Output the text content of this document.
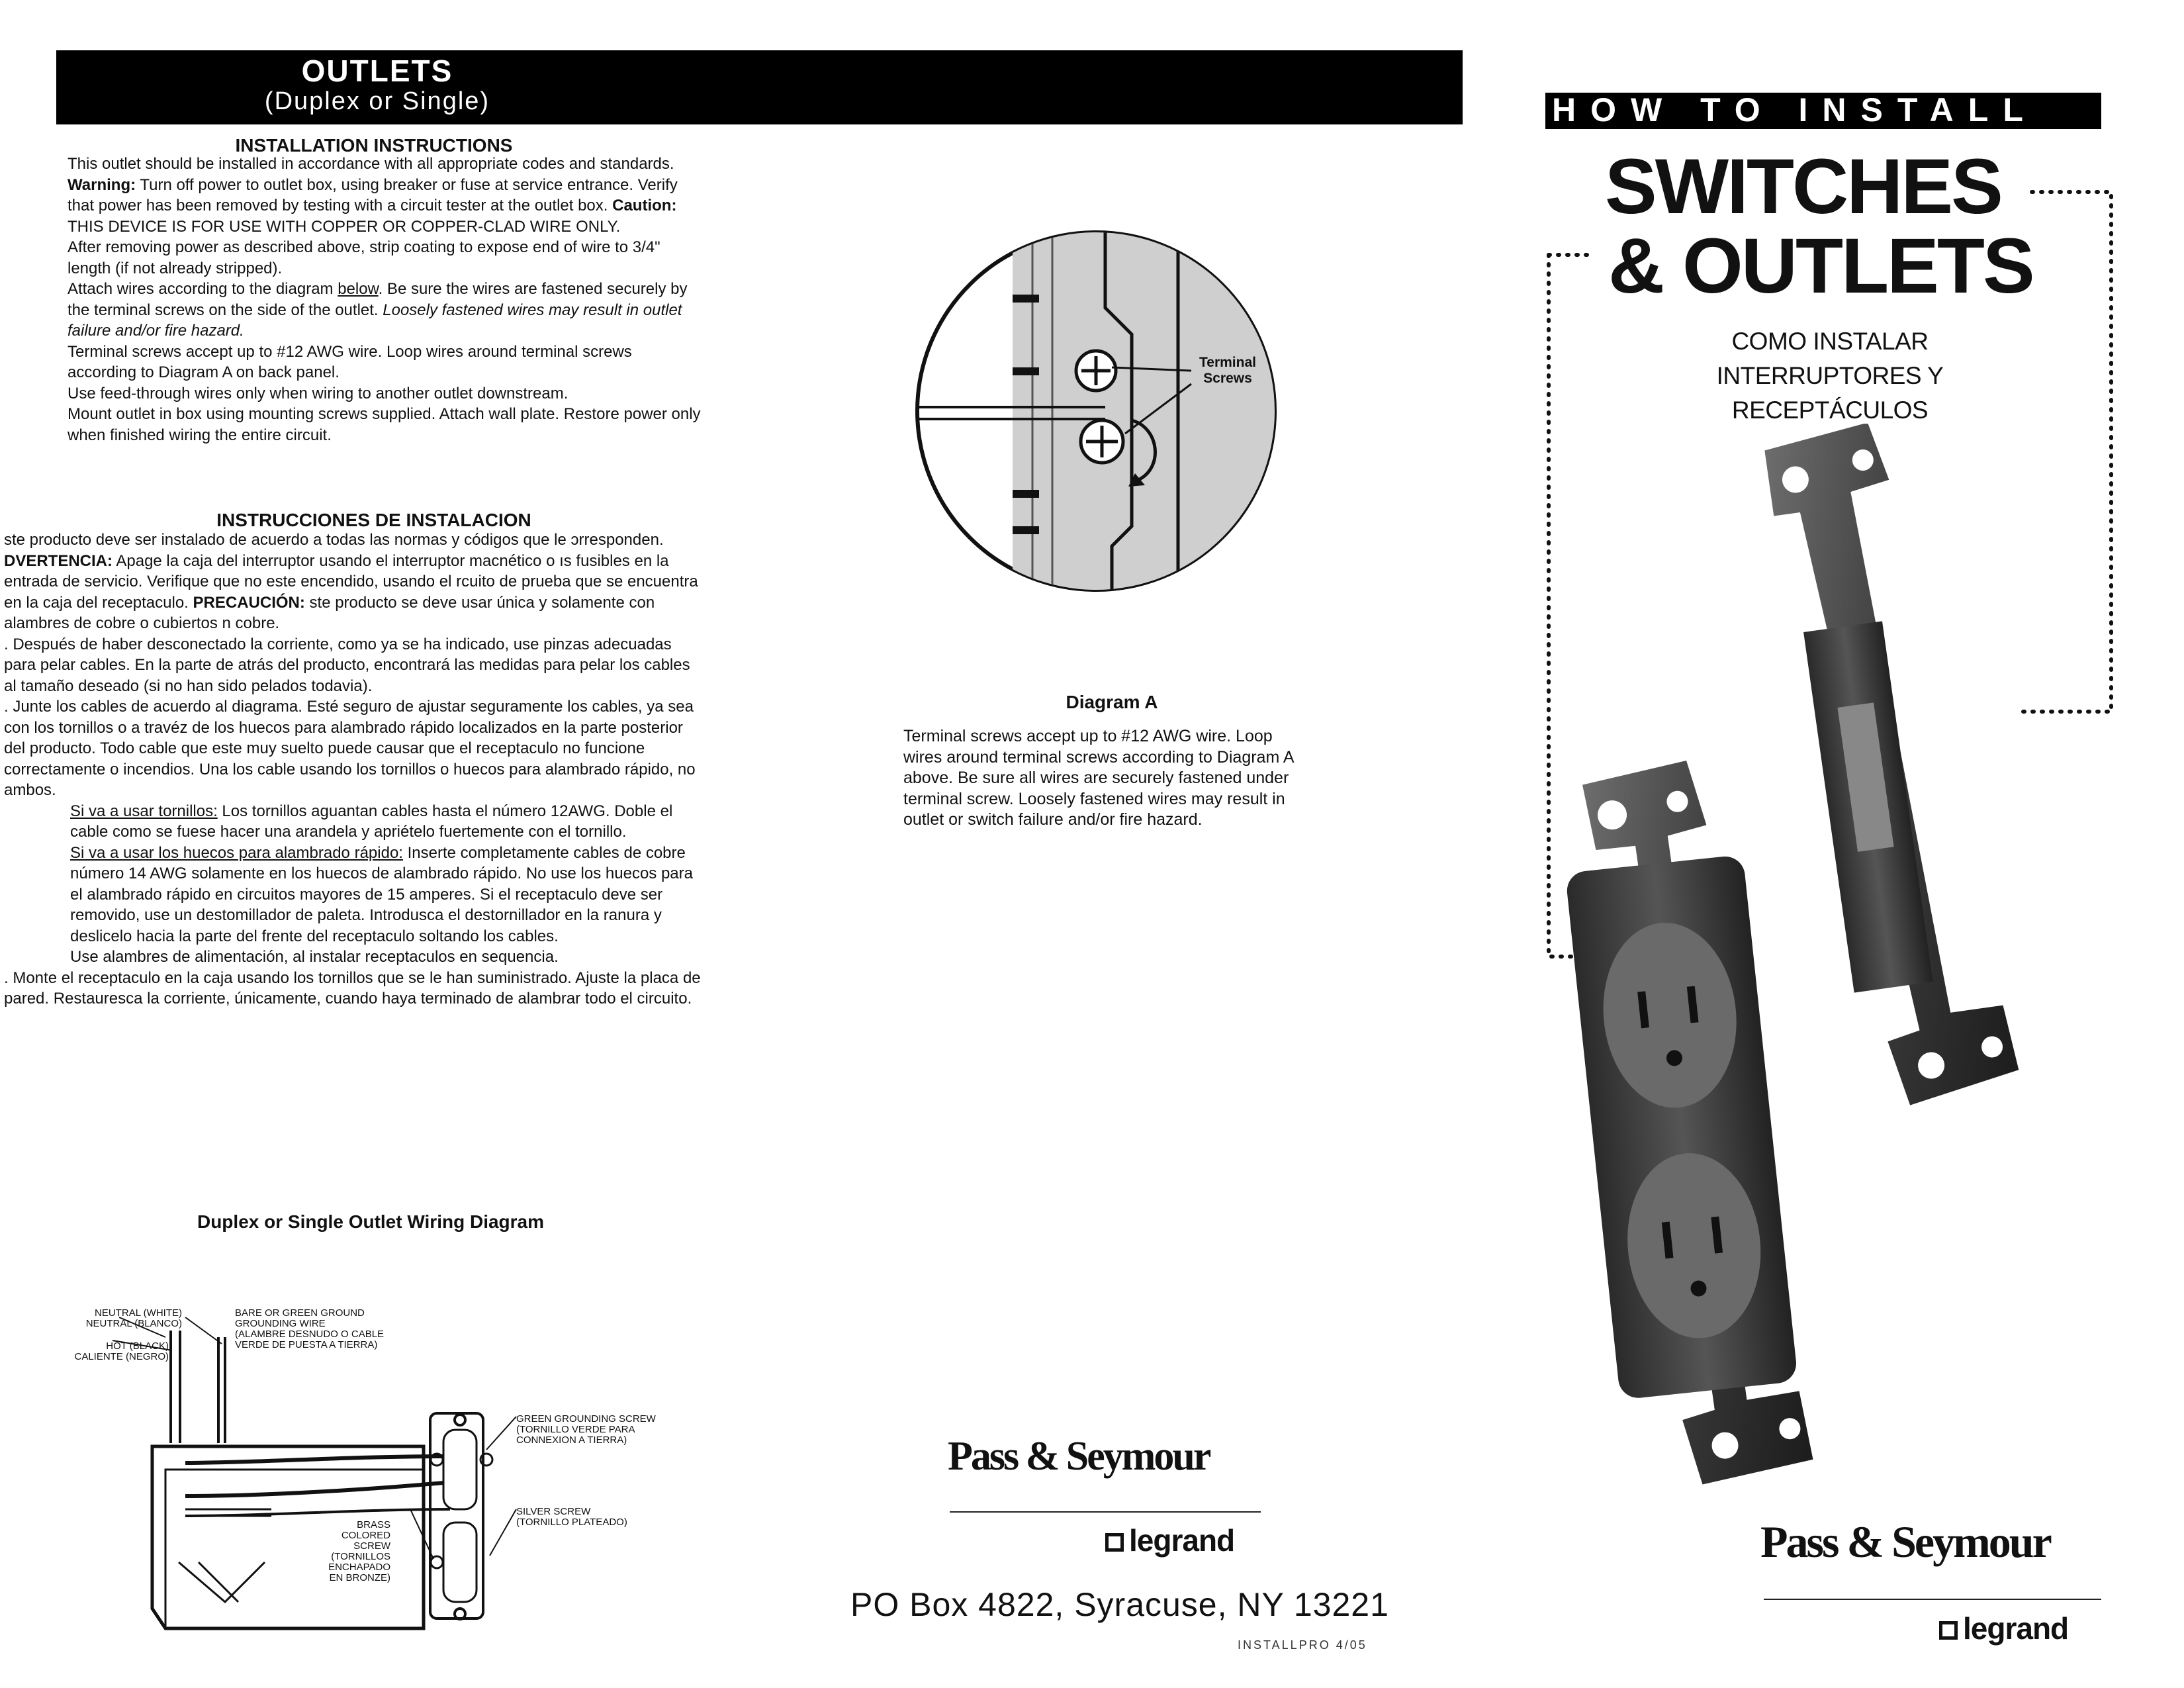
OUTLETS
(Duplex or Single)
INSTALLATION INSTRUCTIONS

This outlet should be installed in accordance with all appropriate codes and standards. Warning: Turn off power to outlet box, using breaker or fuse at service entrance. Verify that power has been removed by testing with a circuit tester at the outlet box. Caution: THIS DEVICE IS FOR USE WITH COPPER OR COPPER-CLAD WIRE ONLY.

After removing power as described above, strip coating to expose end of wire to 3/4" length (if not already stripped).

Attach wires according to the diagram below. Be sure the wires are fastened securely by the terminal screws on the side of the outlet. Loosely fastened wires may result in outlet failure and/or fire hazard.

Terminal screws accept up to #12 AWG wire. Loop wires around terminal screws according to Diagram A on back panel.

Use feed-through wires only when wiring to another outlet downstream.

Mount outlet in box using mounting screws supplied. Attach wall plate. Restore power only when finished wiring the entire circuit.

INSTRUCCIONES DE INSTALACION

ste producto deve ser instalado de acuerdo a todas las normas y códigos que le ɔrresponden.

DVERTENCIA: Apage la caja del interruptor usando el interruptor macnético o ıs fusibles en la entrada de servicio. Verifique que no este encendido, usando el rcuito de prueba que se encuentra en la caja del receptaculo. PRECAUCIÓN: ste producto se deve usar única y solamente con alambres de cobre o cubiertos n cobre.

. Después de haber desconectado la corriente, como ya se ha indicado, use pinzas adecuadas para pelar cables. En la parte de atrás del producto, encontrará las medidas para pelar los cables al tamaño deseado (si no han sido pelados todavia).

. Junte los cables de acuerdo al diagrama. Esté seguro de ajustar seguramente los cables, ya sea con los tornillos o a travéz de los huecos para alambrado rápido localizados en la parte posterior del producto. Todo cable que este muy suelto puede causar que el receptaculo no funcione correctamente o incendios. Una los cable usando los tornillos o huecos para alambrado rápido, no ambos.

Si va a usar tornillos: Los tornillos aguantan cables hasta el número 12AWG. Doble el cable como se fuese hacer una arandela y apriételo fuertemente con el tornillo.

Si va a usar los huecos para alambrado rápido: Inserte completamente cables de cobre número 14 AWG solamente en los huecos de alambrado rápido. No use los huecos para el alambrado rápido en circuitos mayores de 15 amperes. Si el receptaculo deve ser removido, use un destomillador de paleta. Introdusca el destornillador en la ranura y deslicelo hacia la parte del frente del receptaculo soltando los cables.

Use alambres de alimentación, al instalar receptaculos en sequencia.

. Monte el receptaculo en la caja usando los tornillos que se le han suministrado. Ajuste la placa de pared. Restauresca la corriente, únicamente, cuando haya terminado de alambrar todo el circuito.

Duplex or Single Outlet Wiring Diagram
NEUTRAL (WHITE)
NEUTRAL (BLANCO)
HOT (BLACK)
CALIENTE (NEGRO)
BARE OR GREEN GROUND
GROUNDING WIRE
(ALAMBRE DESNUDO O CABLE
VERDE DE PUESTA A TIERRA)
GREEN GROUNDING SCREW
(TORNILLO VERDE PARA
CONNEXION A TIERRA)
SILVER SCREW
(TORNILLO PLATEADO)
BRASS
COLORED
SCREW
(TORNILLOS
ENCHAPADO
EN BRONZE)
Terminal
Screws
Diagram A
Terminal screws accept up to #12 AWG wire. Loop wires around terminal screws according to Diagram A above. Be sure all wires are securely fastened under terminal screw. Loosely fastened wires may result in outlet or switch failure and/or fire hazard.
Pass & Seymour
legrand
PO Box 4822, Syracuse, NY 13221
INSTALLPRO 4/05
HOW TO INSTALL
SWITCHES
& OUTLETS
COMO INSTALAR
INTERRUPTORES Y RECEPTÁCULOS
Pass & Seymour
legrand
